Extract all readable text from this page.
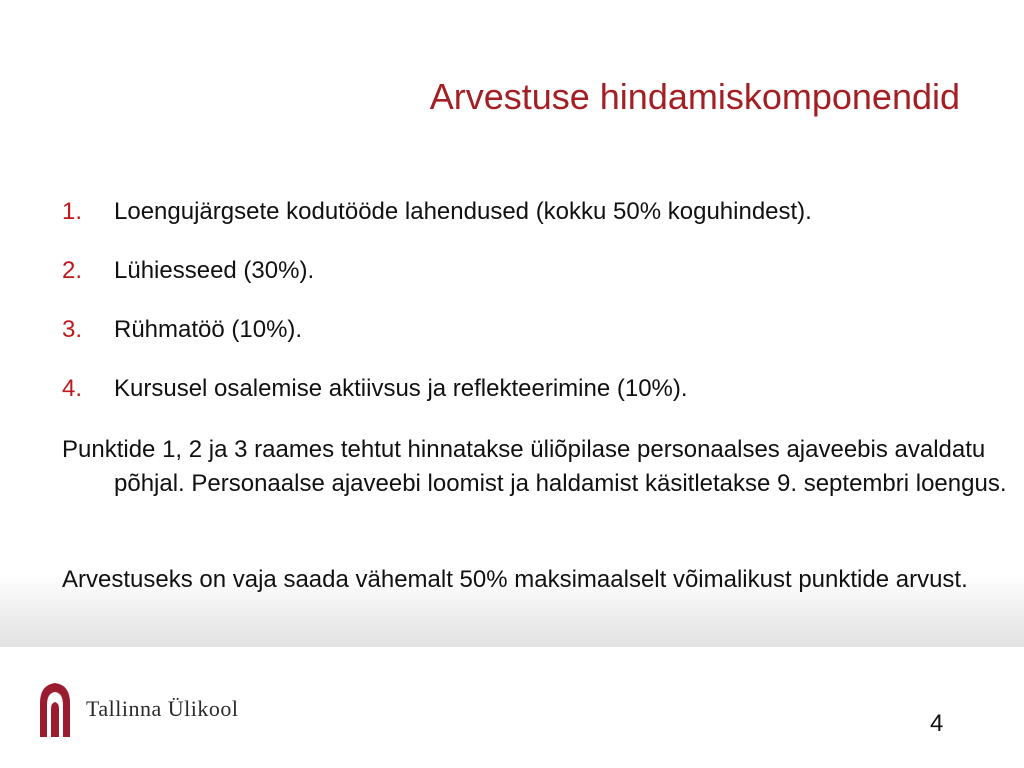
Arvestuse hindamiskomponendid
1. Loengujärgsete kodutööde lahendused (kokku 50% koguhindest).
2. Lühiesseed (30%).
3. Rühmatöö (10%).
4. Kursusel osalemise aktiivsus ja reflekteerimine (10%).
Punktide 1, 2 ja 3 raames tehtut hinnatakse üliõpilase personaalses ajaveebis avaldatu põhjal. Personaalse ajaveebi loomist ja haldamist käsitletakse 9. septembri loengus.
Arvestuseks on vaja saada vähemalt 50% maksimaalselt võimalikust punktide arvust.
Tallinna Ülikool
4
